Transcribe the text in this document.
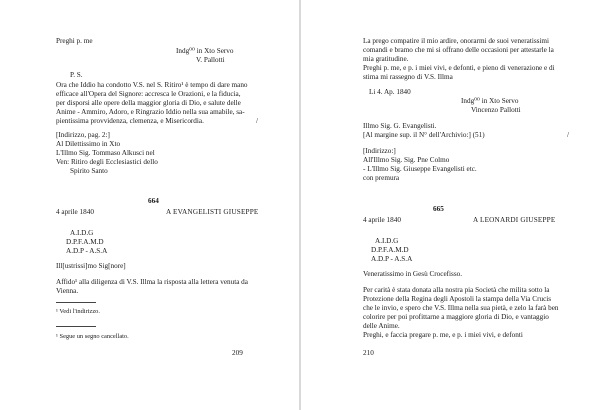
Preghi p. me

Indg⁰⁰ in Xto Servo

V. Pallotti

P. S.

Ora che Iddio ha condotto V.S. nel S. Ritiro¹ è tempo di dare mano

efficace all'Opera del Signore: accresca le Orazioni, e la fiducia,

per disporsi alle opere della maggior gloria di Dio, e salute delle

Anime - Ammiro, Adoro, e Ringrazio Iddio nella sua amabile, sa-

pientissima provvidenza, clemenza, e Misericordia.	/

[Indirizzo, pag. 2:]

Al Dilettissimo in Xto

L'Illmo Sig. Tommaso Alkusci nel

Ven: Ritiro degli Ecclesiastici dello

Spirito Santo

664

4 aprile 1840	A EVANGELISTI GIUSEPPE

A.I.D.G

D.P.F.A.M.D

A.D.P - A.S.A

Ill[ustrissi]mo Sig[nore]

Affido¹ alla diligenza di V.S. Illma la risposta alla lettera venuta da

Vienna.

¹ Vedi l'indirizzo.

¹ Segue un segno cancellato.

209

La prego compatire il mio ardire, onorarmi de suoi veneratissimi

comandi e bramo che mi si offrano delle occasioni per attestarle la

mia gratitudine.

Preghi p. me, e p. i miei vivi, e defonti, e pieno di venerazione e di

stima mi rassegno di V.S. Illma

Li 4. Ap. 1840

Indg⁰⁰ in Xto Servo

Vincenzo Pallotti

Illmo Sig. G. Evangelisti.

[Al margine sup. il N° dell'Archivio:] (51)	/

[Indirizzo:]

All'Illmo Sig. Sig. Pne Colmo

- L'Illmo Sig. Giuseppe Evangelisti etc.

con premura

665

4 aprile 1840	A LEONARDI GIUSEPPE

A.I.D.G

D.P.F.A.M.D

A.D.P - A.S.A

Veneratissimo in Gesù Crocefisso.

Per carità è stata donata alla nostra pia Società che milita sotto la

Protezione della Regina degli Apostoli la stampa della Via Crucis

che le invio, e spero che V.S. Illma nella sua pietà, e zelo la farà ben

colorire per poi profittarne a maggiore gloria di Dio, e vantaggio

delle Anime.

Preghi, e faccia pregare p. me, e p. i miei vivi, e defonti

210
